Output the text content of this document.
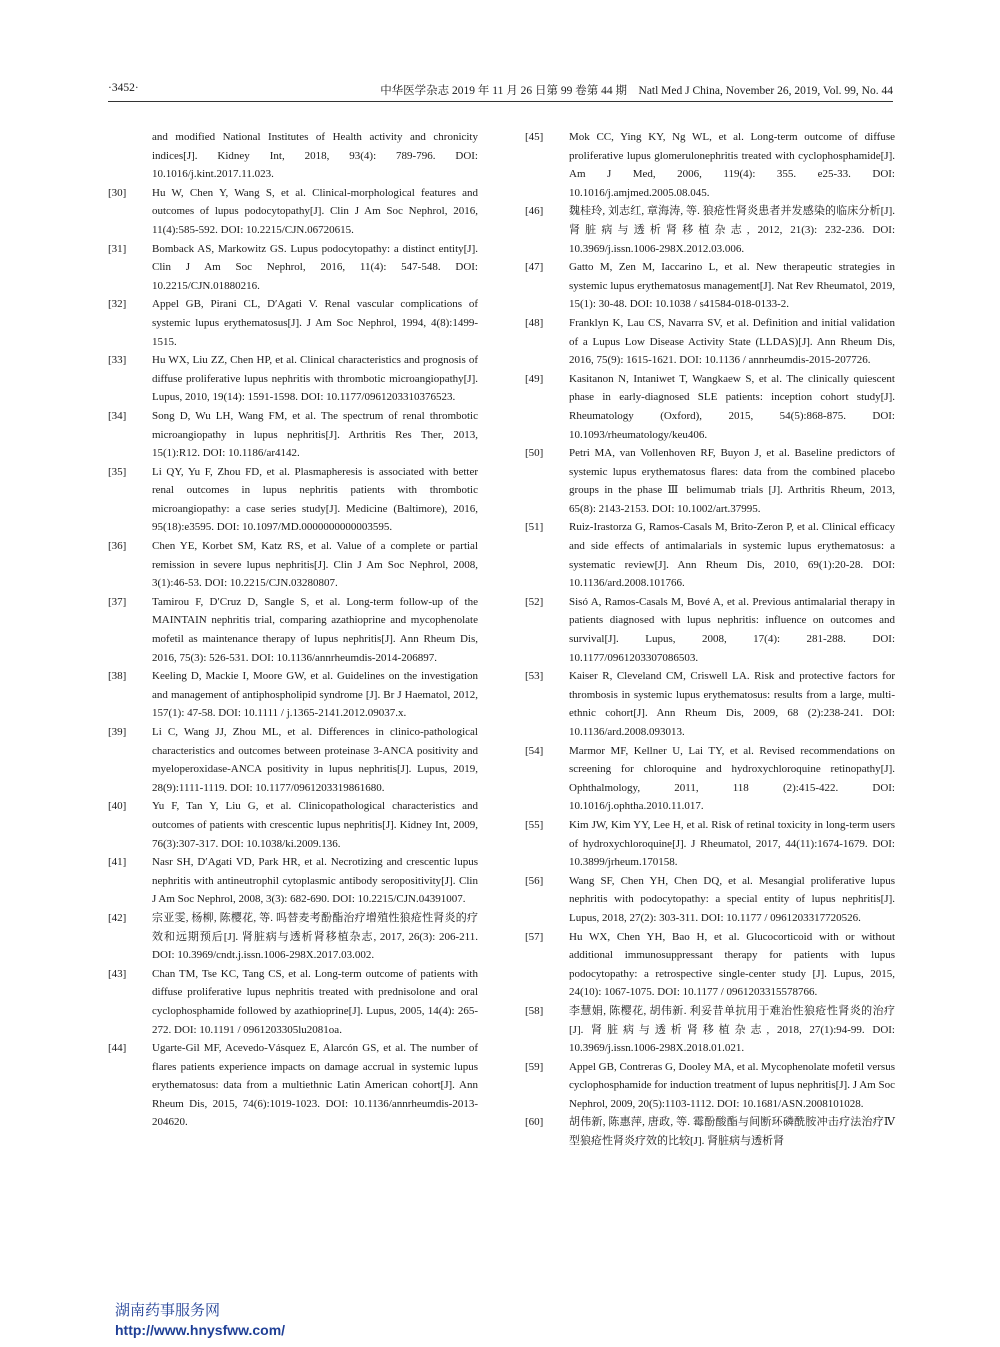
·3452·	中华医学杂志 2019 年 11 月 26 日第 99 卷第 44 期　Natl Med J China, November 26, 2019, Vol. 99, No. 44
and modified National Institutes of Health activity and chronicity indices[J]. Kidney Int, 2018, 93(4): 789-796. DOI: 10.1016/j.kint.2017.11.023.
[30]	Hu W, Chen Y, Wang S, et al. Clinical-morphological features and outcomes of lupus podocytopathy[J]. Clin J Am Soc Nephrol, 2016, 11(4):585-592. DOI: 10.2215/CJN.06720615.
[31]	Bomback AS, Markowitz GS. Lupus podocytopathy: a distinct entity[J]. Clin J Am Soc Nephrol, 2016, 11(4): 547-548. DOI: 10.2215/CJN.01880216.
[32]	Appel GB, Pirani CL, D′Agati V. Renal vascular complications of systemic lupus erythematosus[J]. J Am Soc Nephrol, 1994, 4(8):1499-1515.
[33]	Hu WX, Liu ZZ, Chen HP, et al. Clinical characteristics and prognosis of diffuse proliferative lupus nephritis with thrombotic microangiopathy[J]. Lupus, 2010, 19(14): 1591-1598. DOI: 10.1177/0961203310376523.
[34]	Song D, Wu LH, Wang FM, et al. The spectrum of renal thrombotic microangiopathy in lupus nephritis[J]. Arthritis Res Ther, 2013, 15(1):R12. DOI: 10.1186/ar4142.
[35]	Li QY, Yu F, Zhou FD, et al. Plasmapheresis is associated with better renal outcomes in lupus nephritis patients with thrombotic microangiopathy: a case series study[J]. Medicine (Baltimore), 2016, 95(18):e3595. DOI: 10.1097/MD.0000000000003595.
[36]	Chen YE, Korbet SM, Katz RS, et al. Value of a complete or partial remission in severe lupus nephritis[J]. Clin J Am Soc Nephrol, 2008, 3(1):46-53. DOI: 10.2215/CJN.03280807.
[37]	Tamirou F, D′Cruz D, Sangle S, et al. Long-term follow-up of the MAINTAIN nephritis trial, comparing azathioprine and mycophenolate mofetil as maintenance therapy of lupus nephritis[J]. Ann Rheum Dis, 2016, 75(3): 526-531. DOI: 10.1136/annrheumdis-2014-206897.
[38]	Keeling D, Mackie I, Moore GW, et al. Guidelines on the investigation and management of antiphospholipid syndrome [J]. Br J Haematol, 2012, 157(1): 47-58. DOI: 10.1111 / j.1365-2141.2012.09037.x.
[39]	Li C, Wang JJ, Zhou ML, et al. Differences in clinico-pathological characteristics and outcomes between proteinase 3-ANCA positivity and myeloperoxidase-ANCA positivity in lupus nephritis[J]. Lupus, 2019, 28(9):1111-1119. DOI: 10.1177/0961203319861680.
[40]	Yu F, Tan Y, Liu G, et al. Clinicopathological characteristics and outcomes of patients with crescentic lupus nephritis[J]. Kidney Int, 2009, 76(3):307-317. DOI: 10.1038/ki.2009.136.
[41]	Nasr SH, D′Agati VD, Park HR, et al. Necrotizing and crescentic lupus nephritis with antineutrophil cytoplasmic antibody seropositivity[J]. Clin J Am Soc Nephrol, 2008, 3(3): 682-690. DOI: 10.2215/CJN.04391007.
[42]	宗亚雯, 杨柳, 陈樱花, 等. 吗替麦考酚酯治疗增殖性狼疮性肾炎的疗效和远期预后[J]. 肾脏病与透析肾移植杂志, 2017, 26(3): 206-211. DOI: 10.3969/cndt.j.issn.1006-298X.2017.03.002.
[43]	Chan TM, Tse KC, Tang CS, et al. Long-term outcome of patients with diffuse proliferative lupus nephritis treated with prednisolone and oral cyclophosphamide followed by azathioprine[J]. Lupus, 2005, 14(4): 265-272. DOI: 10.1191 / 0961203305lu2081oa.
[44]	Ugarte-Gil MF, Acevedo-Vásquez E, Alarcón GS, et al. The number of flares patients experience impacts on damage accrual in systemic lupus erythematosus: data from a multiethnic Latin American cohort[J]. Ann Rheum Dis, 2015, 74(6):1019-1023. DOI: 10.1136/annrheumdis-2013-204620.
[45]	Mok CC, Ying KY, Ng WL, et al. Long-term outcome of diffuse proliferative lupus glomerulonephritis treated with cyclophosphamide[J]. Am J Med, 2006, 119(4): 355. e25-33. DOI: 10.1016/j.amjmed.2005.08.045.
[46]	魏桂玲, 刘志红, 章海涛, 等. 狼疮性肾炎患者并发感染的临床分析[J]. 肾脏病与透析肾移植杂志, 2012, 21(3): 232-236. DOI: 10.3969/j.issn.1006-298X.2012.03.006.
[47]	Gatto M, Zen M, Iaccarino L, et al. New therapeutic strategies in systemic lupus erythematosus management[J]. Nat Rev Rheumatol, 2019, 15(1): 30-48. DOI: 10.1038 / s41584-018-0133-2.
[48]	Franklyn K, Lau CS, Navarra SV, et al. Definition and initial validation of a Lupus Low Disease Activity State (LLDAS)[J]. Ann Rheum Dis, 2016, 75(9): 1615-1621. DOI: 10.1136 / annrheumdis-2015-207726.
[49]	Kasitanon N, Intaniwet T, Wangkaew S, et al. The clinically quiescent phase in early-diagnosed SLE patients: inception cohort study[J]. Rheumatology (Oxford), 2015, 54(5):868-875. DOI: 10.1093/rheumatology/keu406.
[50]	Petri MA, van Vollenhoven RF, Buyon J, et al. Baseline predictors of systemic lupus erythematosus flares: data from the combined placebo groups in the phase Ⅲ belimumab trials [J]. Arthritis Rheum, 2013, 65(8): 2143-2153. DOI: 10.1002/art.37995.
[51]	Ruiz-Irastorza G, Ramos-Casals M, Brito-Zeron P, et al. Clinical efficacy and side effects of antimalarials in systemic lupus erythematosus: a systematic review[J]. Ann Rheum Dis, 2010, 69(1):20-28. DOI: 10.1136/ard.2008.101766.
[52]	Sisó A, Ramos-Casals M, Bové A, et al. Previous antimalarial therapy in patients diagnosed with lupus nephritis: influence on outcomes and survival[J]. Lupus, 2008, 17(4): 281-288. DOI: 10.1177/0961203307086503.
[53]	Kaiser R, Cleveland CM, Criswell LA. Risk and protective factors for thrombosis in systemic lupus erythematosus: results from a large, multi-ethnic cohort[J]. Ann Rheum Dis, 2009, 68 (2):238-241. DOI: 10.1136/ard.2008.093013.
[54]	Marmor MF, Kellner U, Lai TY, et al. Revised recommendations on screening for chloroquine and hydroxychloroquine retinopathy[J]. Ophthalmology, 2011, 118 (2):415-422. DOI: 10.1016/j.ophtha.2010.11.017.
[55]	Kim JW, Kim YY, Lee H, et al. Risk of retinal toxicity in long-term users of hydroxychloroquine[J]. J Rheumatol, 2017, 44(11):1674-1679. DOI: 10.3899/jrheum.170158.
[56]	Wang SF, Chen YH, Chen DQ, et al. Mesangial proliferative lupus nephritis with podocytopathy: a special entity of lupus nephritis[J]. Lupus, 2018, 27(2): 303-311. DOI: 10.1177 / 0961203317720526.
[57]	Hu WX, Chen YH, Bao H, et al. Glucocorticoid with or without additional immunosuppressant therapy for patients with lupus podocytopathy: a retrospective single-center study [J]. Lupus, 2015, 24(10): 1067-1075. DOI: 10.1177 / 0961203315578766.
[58]	李慧娟, 陈樱花, 胡伟新. 利妥昔单抗用于难治性狼疮性肾炎的治疗[J]. 肾脏病与透析肾移植杂志, 2018, 27(1):94-99. DOI: 10.3969/j.issn.1006-298X.2018.01.021.
[59]	Appel GB, Contreras G, Dooley MA, et al. Mycophenolate mofetil versus cyclophosphamide for induction treatment of lupus nephritis[J]. J Am Soc Nephrol, 2009, 20(5):1103-1112. DOI: 10.1681/ASN.2008101028.
[60]	胡伟新, 陈惠萍, 唐政, 等. 霉酚酸酯与间断环磷酰胺冲击疗法治疗Ⅳ型狼疮性肾炎疗效的比较[J]. 肾脏病与透析肾
湖南药事服务网
http://www.hnysfww.com/
